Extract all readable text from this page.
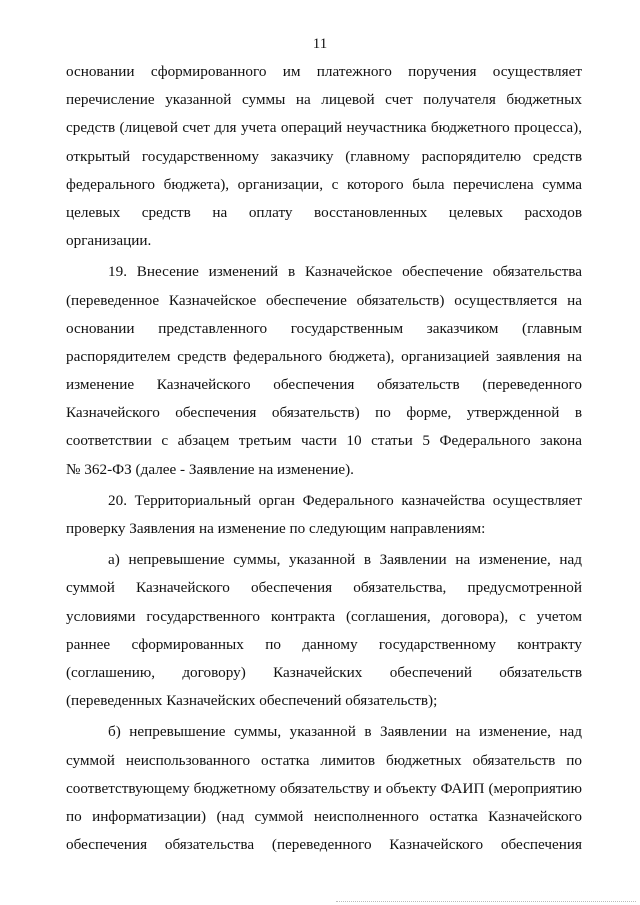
11
основании сформированного им платежного поручения осуществляет
перечисление указанной суммы на лицевой счет получателя бюджетных
средств (лицевой счет для учета операций неучастника бюджетного процесса),
открытый государственному заказчику (главному распорядителю средств
федерального бюджета), организации, с которого была перечислена сумма
целевых средств на оплату восстановленных целевых расходов
организации.
19. Внесение изменений в Казначейское обеспечение обязательства
(переведенное Казначейское обеспечение обязательств) осуществляется на
основании представленного государственным заказчиком (главным
распорядителем средств федерального бюджета), организацией заявления на
изменение Казначейского обеспечения обязательств (переведенного
Казначейского обеспечения обязательств) по форме, утвержденной в
соответствии с абзацем третьим части 10 статьи 5 Федерального закона
№ 362-ФЗ (далее - Заявление на изменение).
20. Территориальный орган Федерального казначейства осуществляет
проверку Заявления на изменение по следующим направлениям:
а) непревышение суммы, указанной в Заявлении на изменение, над
суммой Казначейского обеспечения обязательства, предусмотренной
условиями государственного контракта (соглашения, договора), с учетом
раннее сформированных по данному государственному контракту
(соглашению, договору) Казначейских обеспечений обязательств
(переведенных Казначейских обеспечений обязательств);
б) непревышение суммы, указанной в Заявлении на изменение, над
суммой неиспользованного остатка лимитов бюджетных обязательств по
соответствующему бюджетному обязательству и объекту ФАИП (мероприятию
по информатизации) (над суммой неисполненного остатка Казначейского
обеспечения обязательства (переведенного Казначейского обеспечения
